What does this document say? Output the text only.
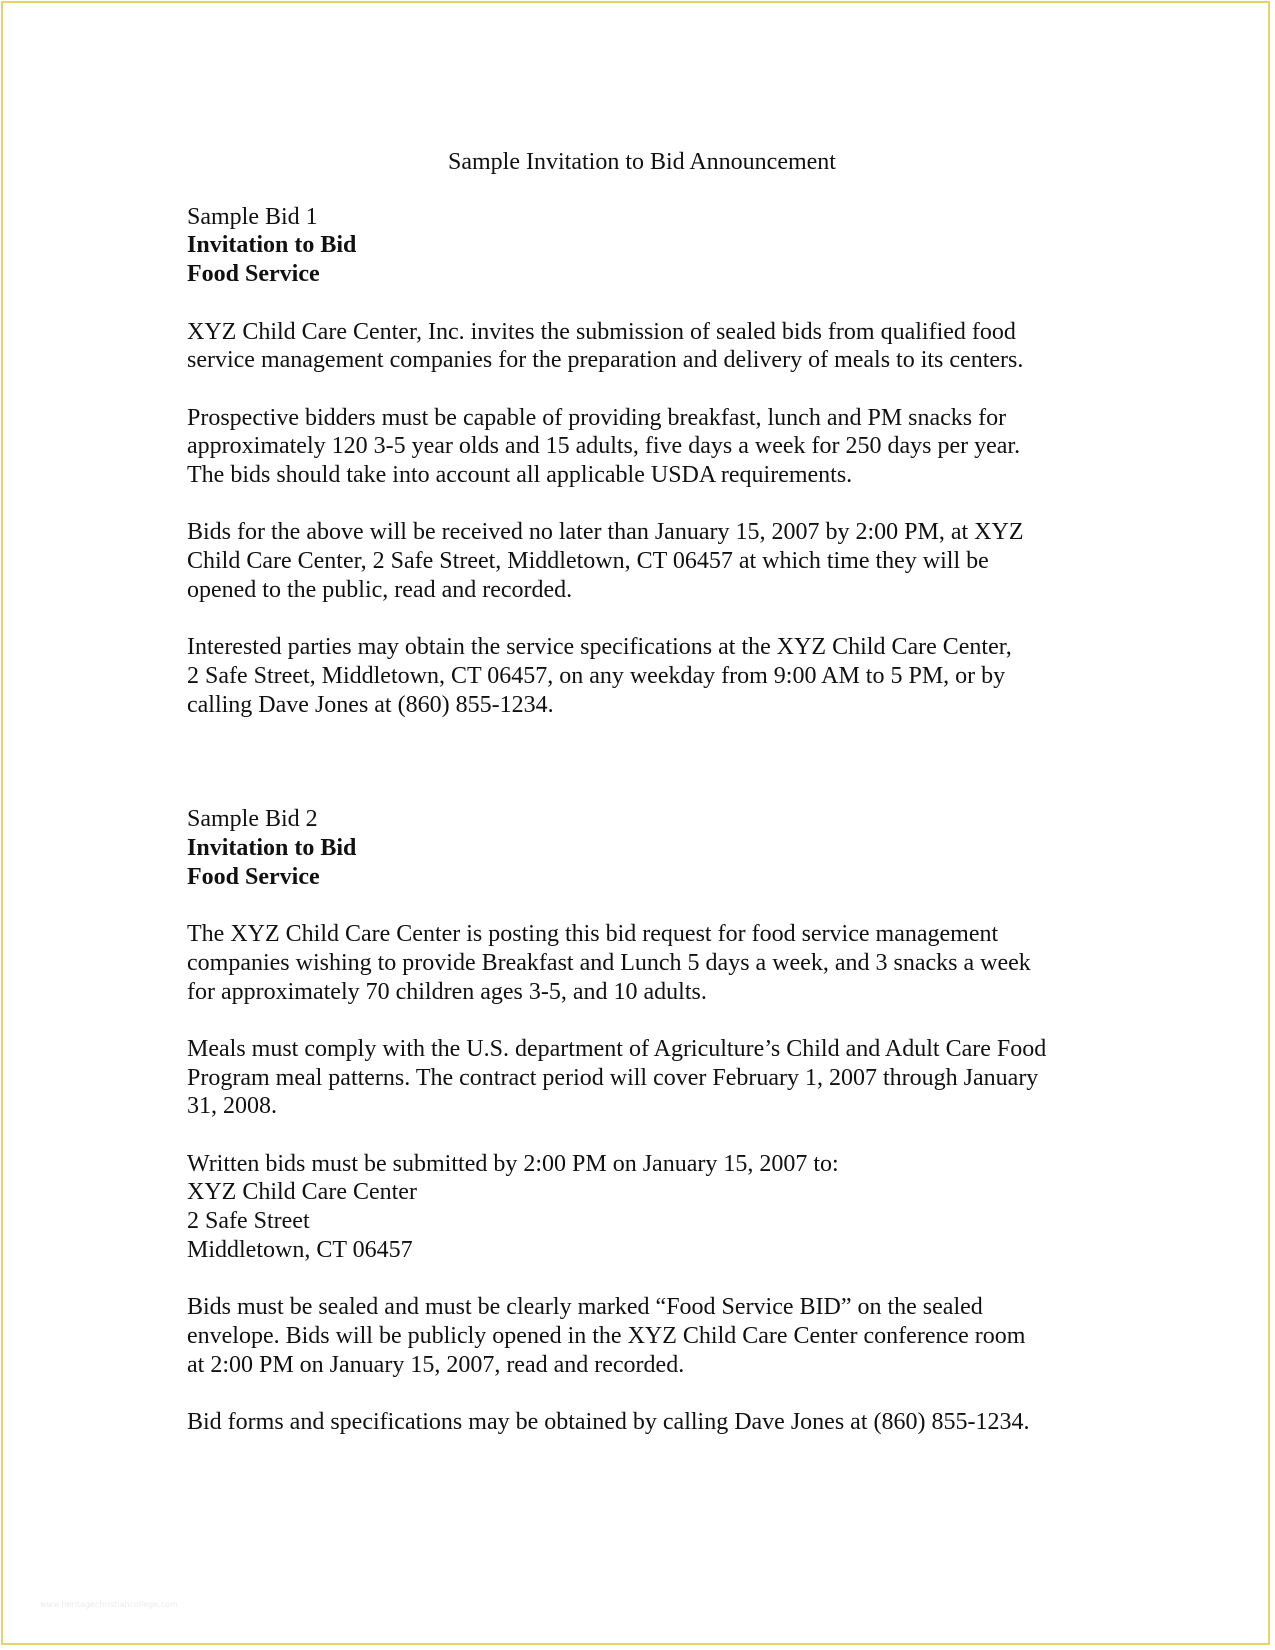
Sample Invitation to Bid Announcement
Sample Bid 1
Invitation to Bid
Food Service
XYZ Child Care Center, Inc. invites the submission of sealed bids from qualified food
service management companies for the preparation and delivery of meals to its centers.
Prospective bidders must be capable of providing breakfast, lunch and PM snacks for
approximately 120 3-5 year olds and 15 adults, five days a week for 250 days per year.
The bids should take into account all applicable USDA requirements.
Bids for the above will be received no later than January 15, 2007 by 2:00 PM, at XYZ
Child Care Center, 2 Safe Street, Middletown, CT 06457 at which time they will be
opened to the public, read and recorded.
Interested parties may obtain the service specifications at the XYZ Child Care Center,
2 Safe Street, Middletown, CT 06457, on any weekday from 9:00 AM to 5 PM, or by
calling Dave Jones at (860) 855-1234.
Sample Bid 2
Invitation to Bid
Food Service
The XYZ Child Care Center is posting this bid request for food service management
companies wishing to provide Breakfast and Lunch 5 days a week, and 3 snacks a week
for approximately 70 children ages 3-5, and 10 adults.
Meals must comply with the U.S. department of Agriculture’s Child and Adult Care Food
Program meal patterns. The contract period will cover February 1, 2007 through January
31, 2008.
Written bids must be submitted by 2:00 PM on January 15, 2007 to:
XYZ Child Care Center
2 Safe Street
Middletown, CT 06457
Bids must be sealed and must be clearly marked “Food Service BID” on the sealed
envelope. Bids will be publicly opened in the XYZ Child Care Center conference room
at 2:00 PM on January 15, 2007, read and recorded.
Bid forms and specifications may be obtained by calling Dave Jones at (860) 855-1234.
www.heritagechristiancollege.com
